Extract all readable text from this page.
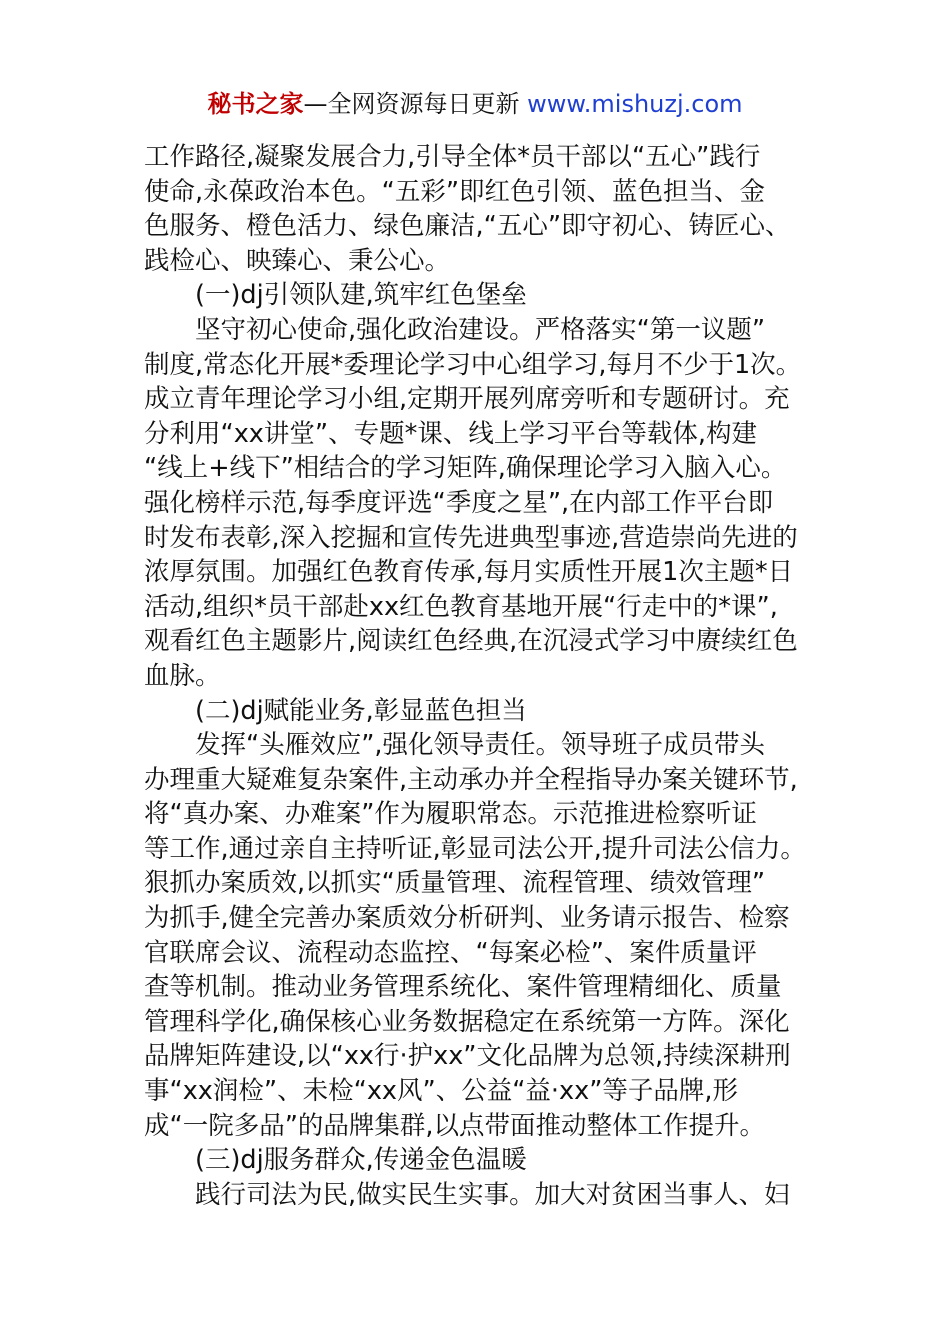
秘书之家—全网资源每日更新 www.mishuzj.com
工作路径,凝聚发展合力,引导全体*员干部以“五心”践行
使命,永葆政治本色。“五彩”即红色引领、蓝色担当、金
色服务、橙色活力、绿色廉洁,“五心”即守初心、铸匠心、
践检心、映臻心、秉公心。
(一)dj引领队建,筑牢红色堡垒
坚守初心使命,强化政治建设。严格落实“第一议题”
制度,常态化开展*委理论学习中心组学习,每月不少于1次。
成立青年理论学习小组,定期开展列席旁听和专题研讨。充
分利用“xx讲堂”、专题*课、线上学习平台等载体,构建
“线上+线下”相结合的学习矩阵,确保理论学习入脑入心。
强化榜样示范,每季度评选“季度之星”,在内部工作平台即
时发布表彰,深入挖掘和宣传先进典型事迹,营造崇尚先进的
浓厚氛围。加强红色教育传承,每月实质性开展1次主题*日
活动,组织*员干部赴xx红色教育基地开展“行走中的*课”,
观看红色主题影片,阅读红色经典,在沉浸式学习中赓续红色
血脉。
(二)dj赋能业务,彰显蓝色担当
发挥“头雁效应”,强化领导责任。领导班子成员带头
办理重大疑难复杂案件,主动承办并全程指导办案关键环节,
将“真办案、办难案”作为履职常态。示范推进检察听证
等工作,通过亲自主持听证,彰显司法公开,提升司法公信力。
狠抓办案质效,以抓实“质量管理、流程管理、绩效管理”
为抓手,健全完善办案质效分析研判、业务请示报告、检察
官联席会议、流程动态监控、“每案必检”、案件质量评
查等机制。推动业务管理系统化、案件管理精细化、质量
管理科学化,确保核心业务数据稳定在系统第一方阵。深化
品牌矩阵建设,以“xx行·护xx”文化品牌为总领,持续深耕刑
事“xx润检”、未检“xx风”、公益“益·xx”等子品牌,形
成“一院多品”的品牌集群,以点带面推动整体工作提升。
(三)dj服务群众,传递金色温暖
践行司法为民,做实民生实事。加大对贫困当事人、妇
